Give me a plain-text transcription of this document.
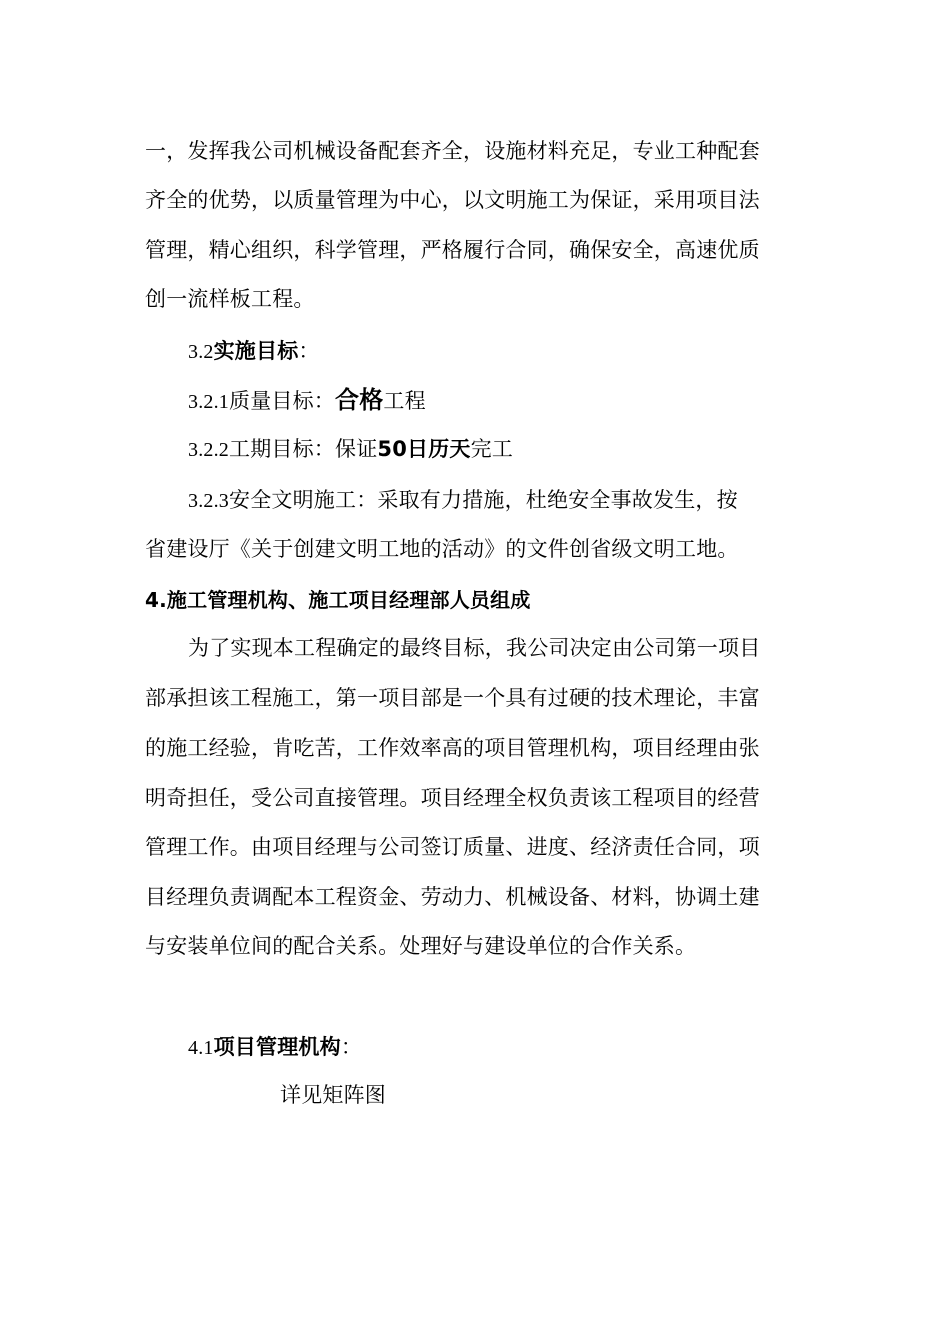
一，发挥我公司机械设备配套齐全，设施材料充足，专业工种配套
齐全的优势，以质量管理为中心，以文明施工为保证，采用项目法
管理，精心组织，科学管理，严格履行合同，确保安全，高速优质
创一流样板工程。
3.2实施目标：
3.2.1质量目标：合格工程
3.2.2工期目标：保证50日历天完工
3.2.3安全文明施工：采取有力措施，杜绝安全事故发生，按
省建设厅《关于创建文明工地的活动》的文件创省级文明工地。
4.施工管理机构、施工项目经理部人员组成
为了实现本工程确定的最终目标，我公司决定由公司第一项目
部承担该工程施工，第一项目部是一个具有过硬的技术理论，丰富
的施工经验，肯吃苦，工作效率高的项目管理机构，项目经理由张
明奇担任，受公司直接管理。项目经理全权负责该工程项目的经营
管理工作。由项目经理与公司签订质量、进度、经济责任合同，项
目经理负责调配本工程资金、劳动力、机械设备、材料，协调土建
与安装单位间的配合关系。处理好与建设单位的合作关系。
4.1项目管理机构：
详见矩阵图
